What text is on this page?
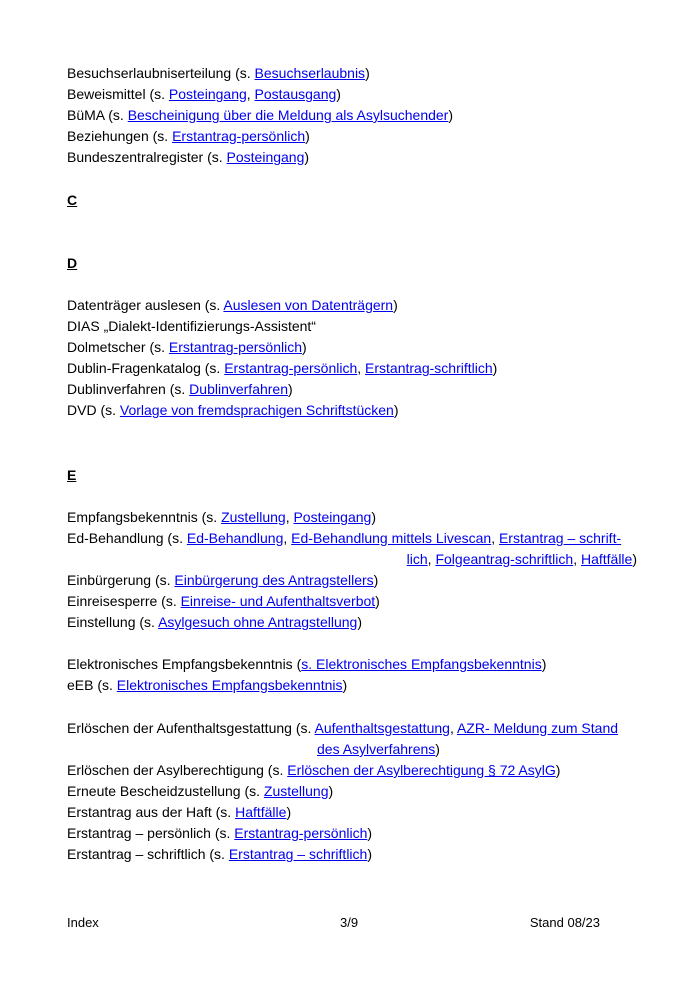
Besuchserlaubniserteilung (s. Besuchserlaubnis)
Beweismittel (s. Posteingang, Postausgang)
BüMA (s. Bescheinigung über die Meldung als Asylsuchender)
Beziehungen (s. Erstantrag-persönlich)
Bundeszentralregister (s. Posteingang)
C
D
Datenträger auslesen (s. Auslesen von Datenträgern)
DIAS „Dialekt-Identifizierungs-Assistent“
Dolmetscher (s. Erstantrag-persönlich)
Dublin-Fragenkatalog (s. Erstantrag-persönlich, Erstantrag-schriftlich)
Dublinverfahren (s. Dublinverfahren)
DVD (s. Vorlage von fremdsprachigen Schriftstücken)
E
Empfangsbekenntnis (s. Zustellung, Posteingang)
Ed-Behandlung (s. Ed-Behandlung, Ed-Behandlung mittels Livescan, Erstantrag – schrift-
lich, Folgeantrag-schriftlich, Haftfälle)
Einbürgerung (s. Einbürgerung des Antragstellers)
Einreisesperre (s. Einreise- und Aufenthaltsverbot)
Einstellung (s. Asylgesuch ohne Antragstellung)
Elektronisches Empfangsbekenntnis (s. Elektronisches Empfangsbekenntnis)
eEB (s. Elektronisches Empfangsbekenntnis)
Erlöschen der Aufenthaltsgestattung (s. Aufenthaltsgestattung, AZR- Meldung zum Stand
des Asylverfahrens)
Erlöschen der Asylberechtigung (s. Erlöschen der Asylberechtigung § 72 AsylG)
Erneute Bescheidzustellung (s. Zustellung)
Erstantrag aus der Haft (s. Haftfälle)
Erstantrag – persönlich (s. Erstantrag-persönlich)
Erstantrag – schriftlich (s. Erstantrag – schriftlich)
Index	3/9	Stand 08/23
